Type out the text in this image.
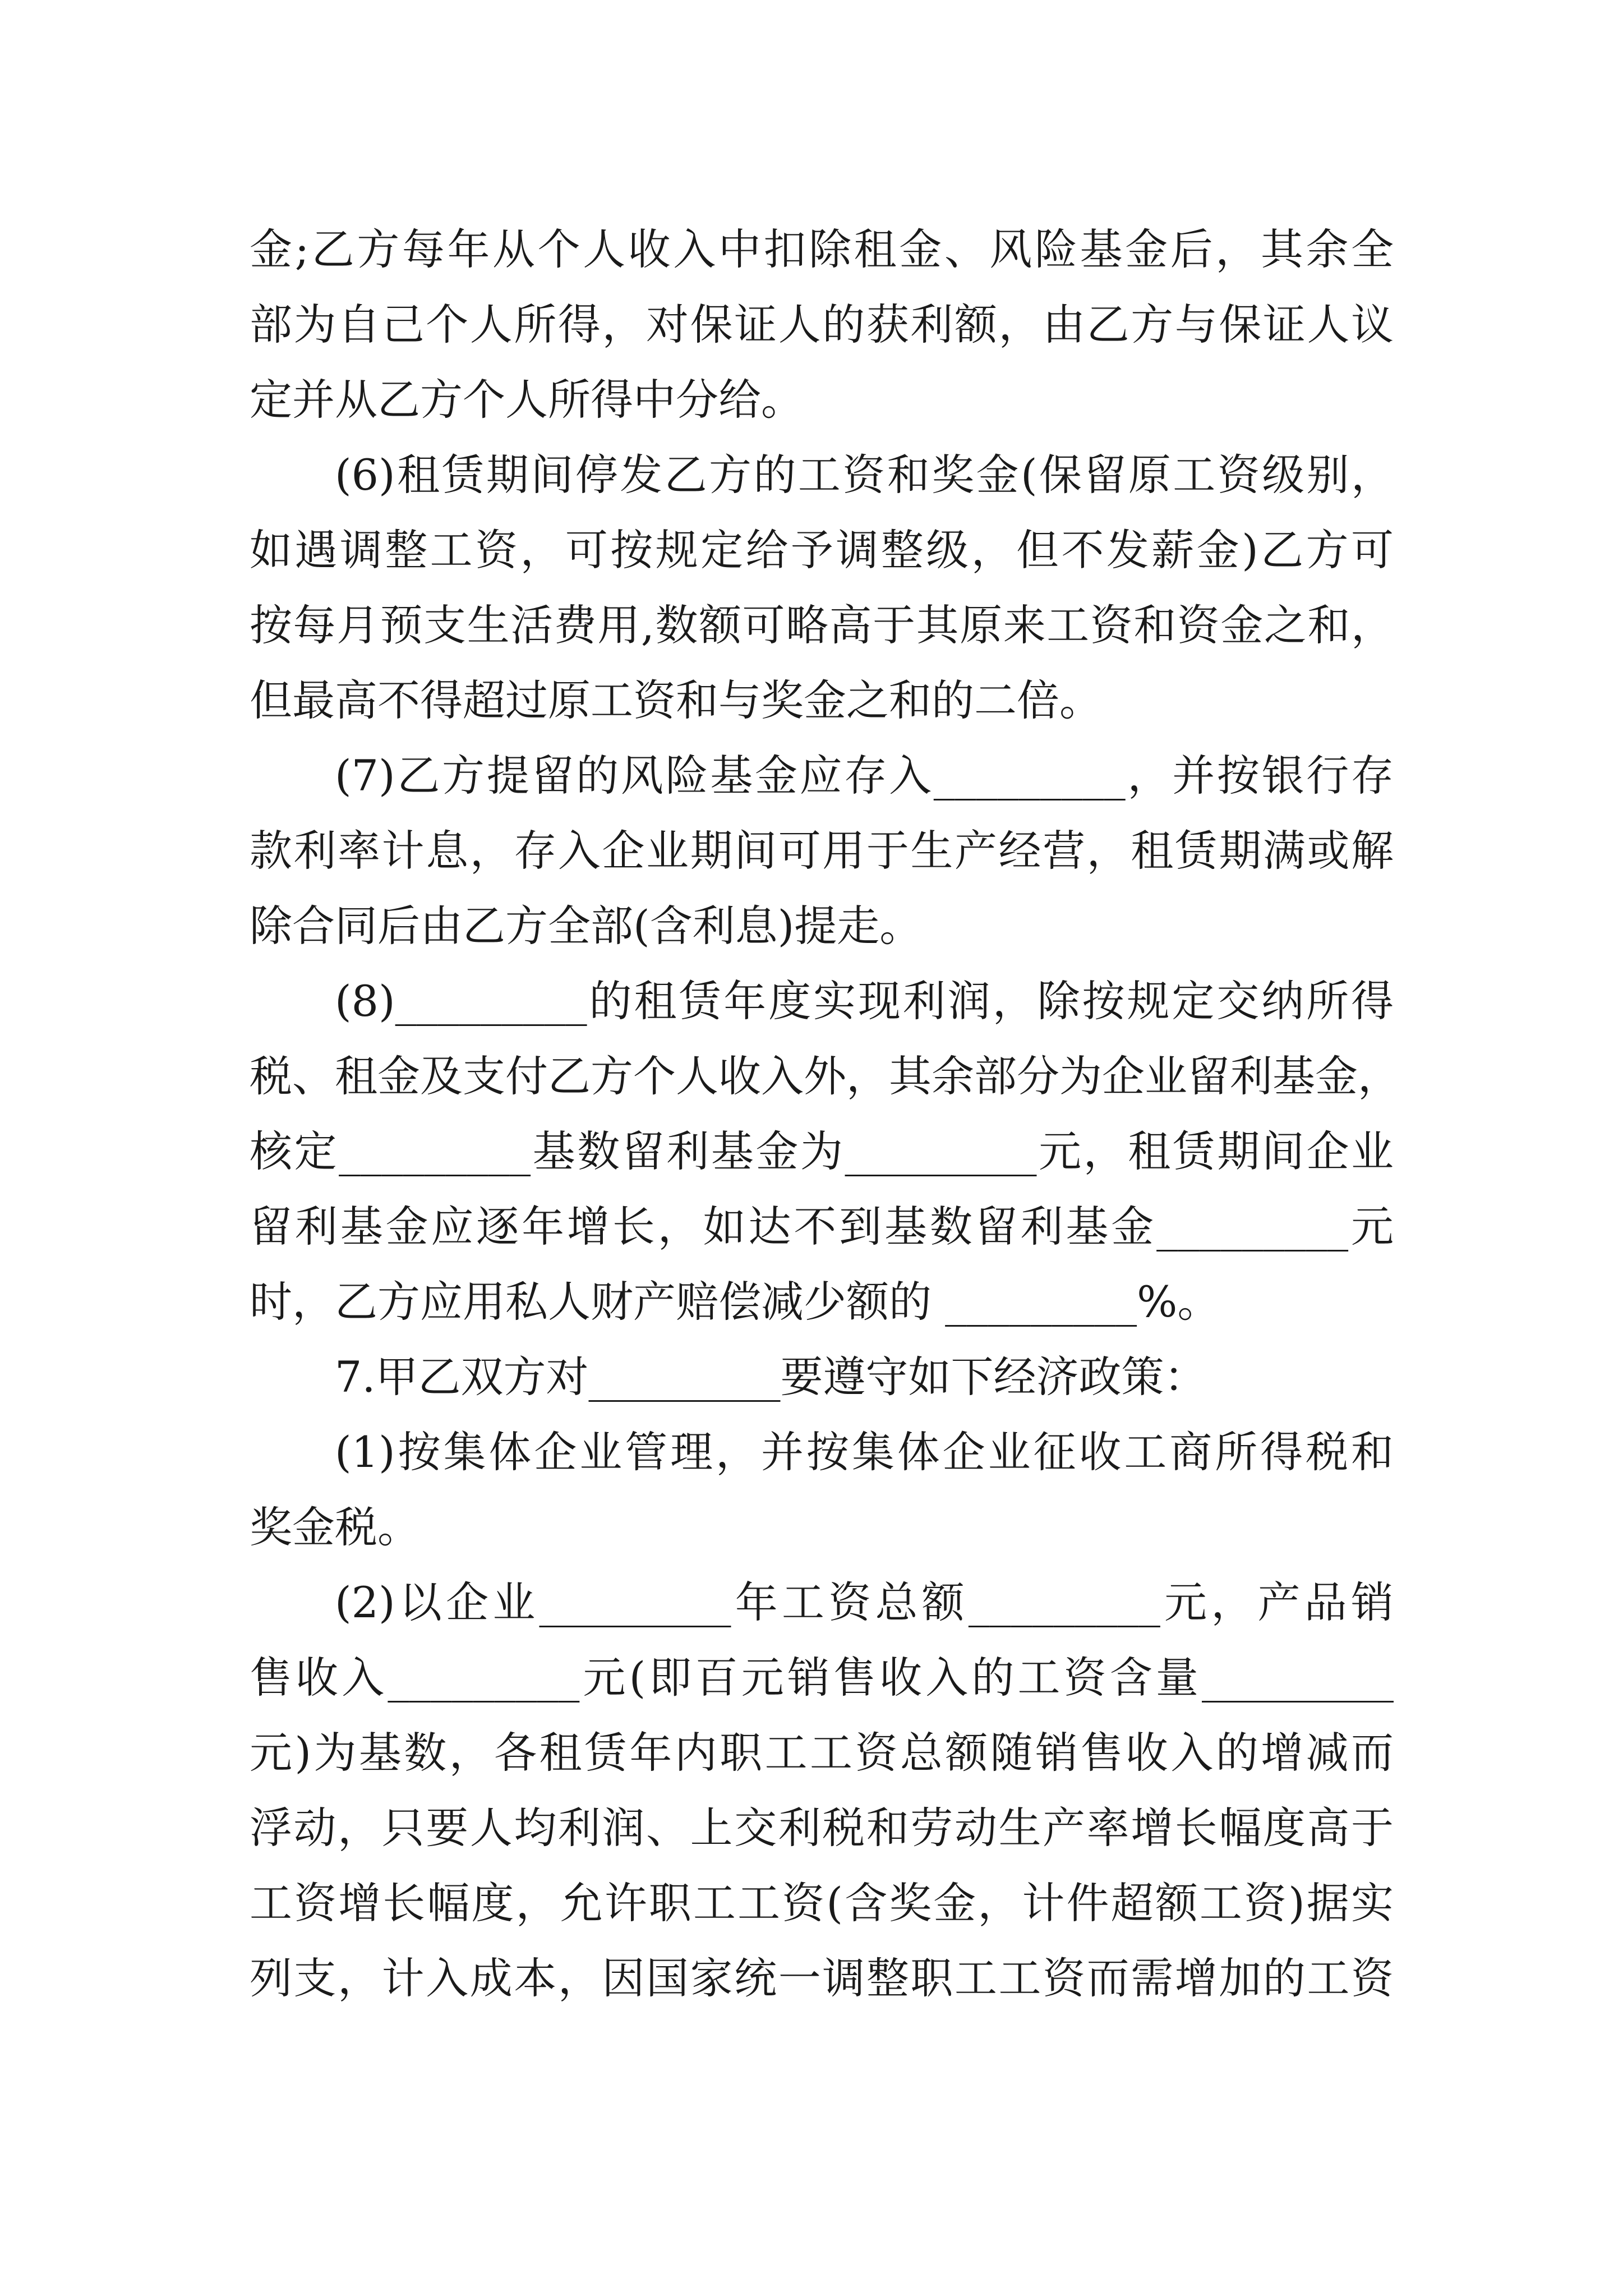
金;乙方每年从个人收入中扣除租金、风险基金后，其余全
部为自己个人所得，对保证人的获利额，由乙方与保证人议
定并从乙方个人所得中分给。
(6)租赁期间停发乙方的工资和奖金(保留原工资级别，
如遇调整工资，可按规定给予调整级，但不发薪金)乙方可
按每月预支生活费用,数额可略高于其原来工资和资金之和，
但最高不得超过原工资和与奖金之和的二倍。
(7)乙方提留的风险基金应存入_________，并按银行存
款利率计息，存入企业期间可用于生产经营，租赁期满或解
除合同后由乙方全部(含利息)提走。
(8)_________的租赁年度实现利润，除按规定交纳所得
税、租金及支付乙方个人收入外，其余部分为企业留利基金，
核定_________基数留利基金为_________元，租赁期间企业
留利基金应逐年增长，如达不到基数留利基金_________元
时，乙方应用私人财产赔偿减少额的 _________%。
7.甲乙双方对_________要遵守如下经济政策：
(1)按集体企业管理，并按集体企业征收工商所得税和
奖金税。
(2)以企业_________年工资总额_________元，产品销
售收入_________元(即百元销售收入的工资含量_________
元)为基数，各租赁年内职工工资总额随销售收入的增减而
浮动，只要人均利润、上交利税和劳动生产率增长幅度高于
工资增长幅度，允许职工工资(含奖金，计件超额工资)据实
列支，计入成本，因国家统一调整职工工资而需增加的工资
